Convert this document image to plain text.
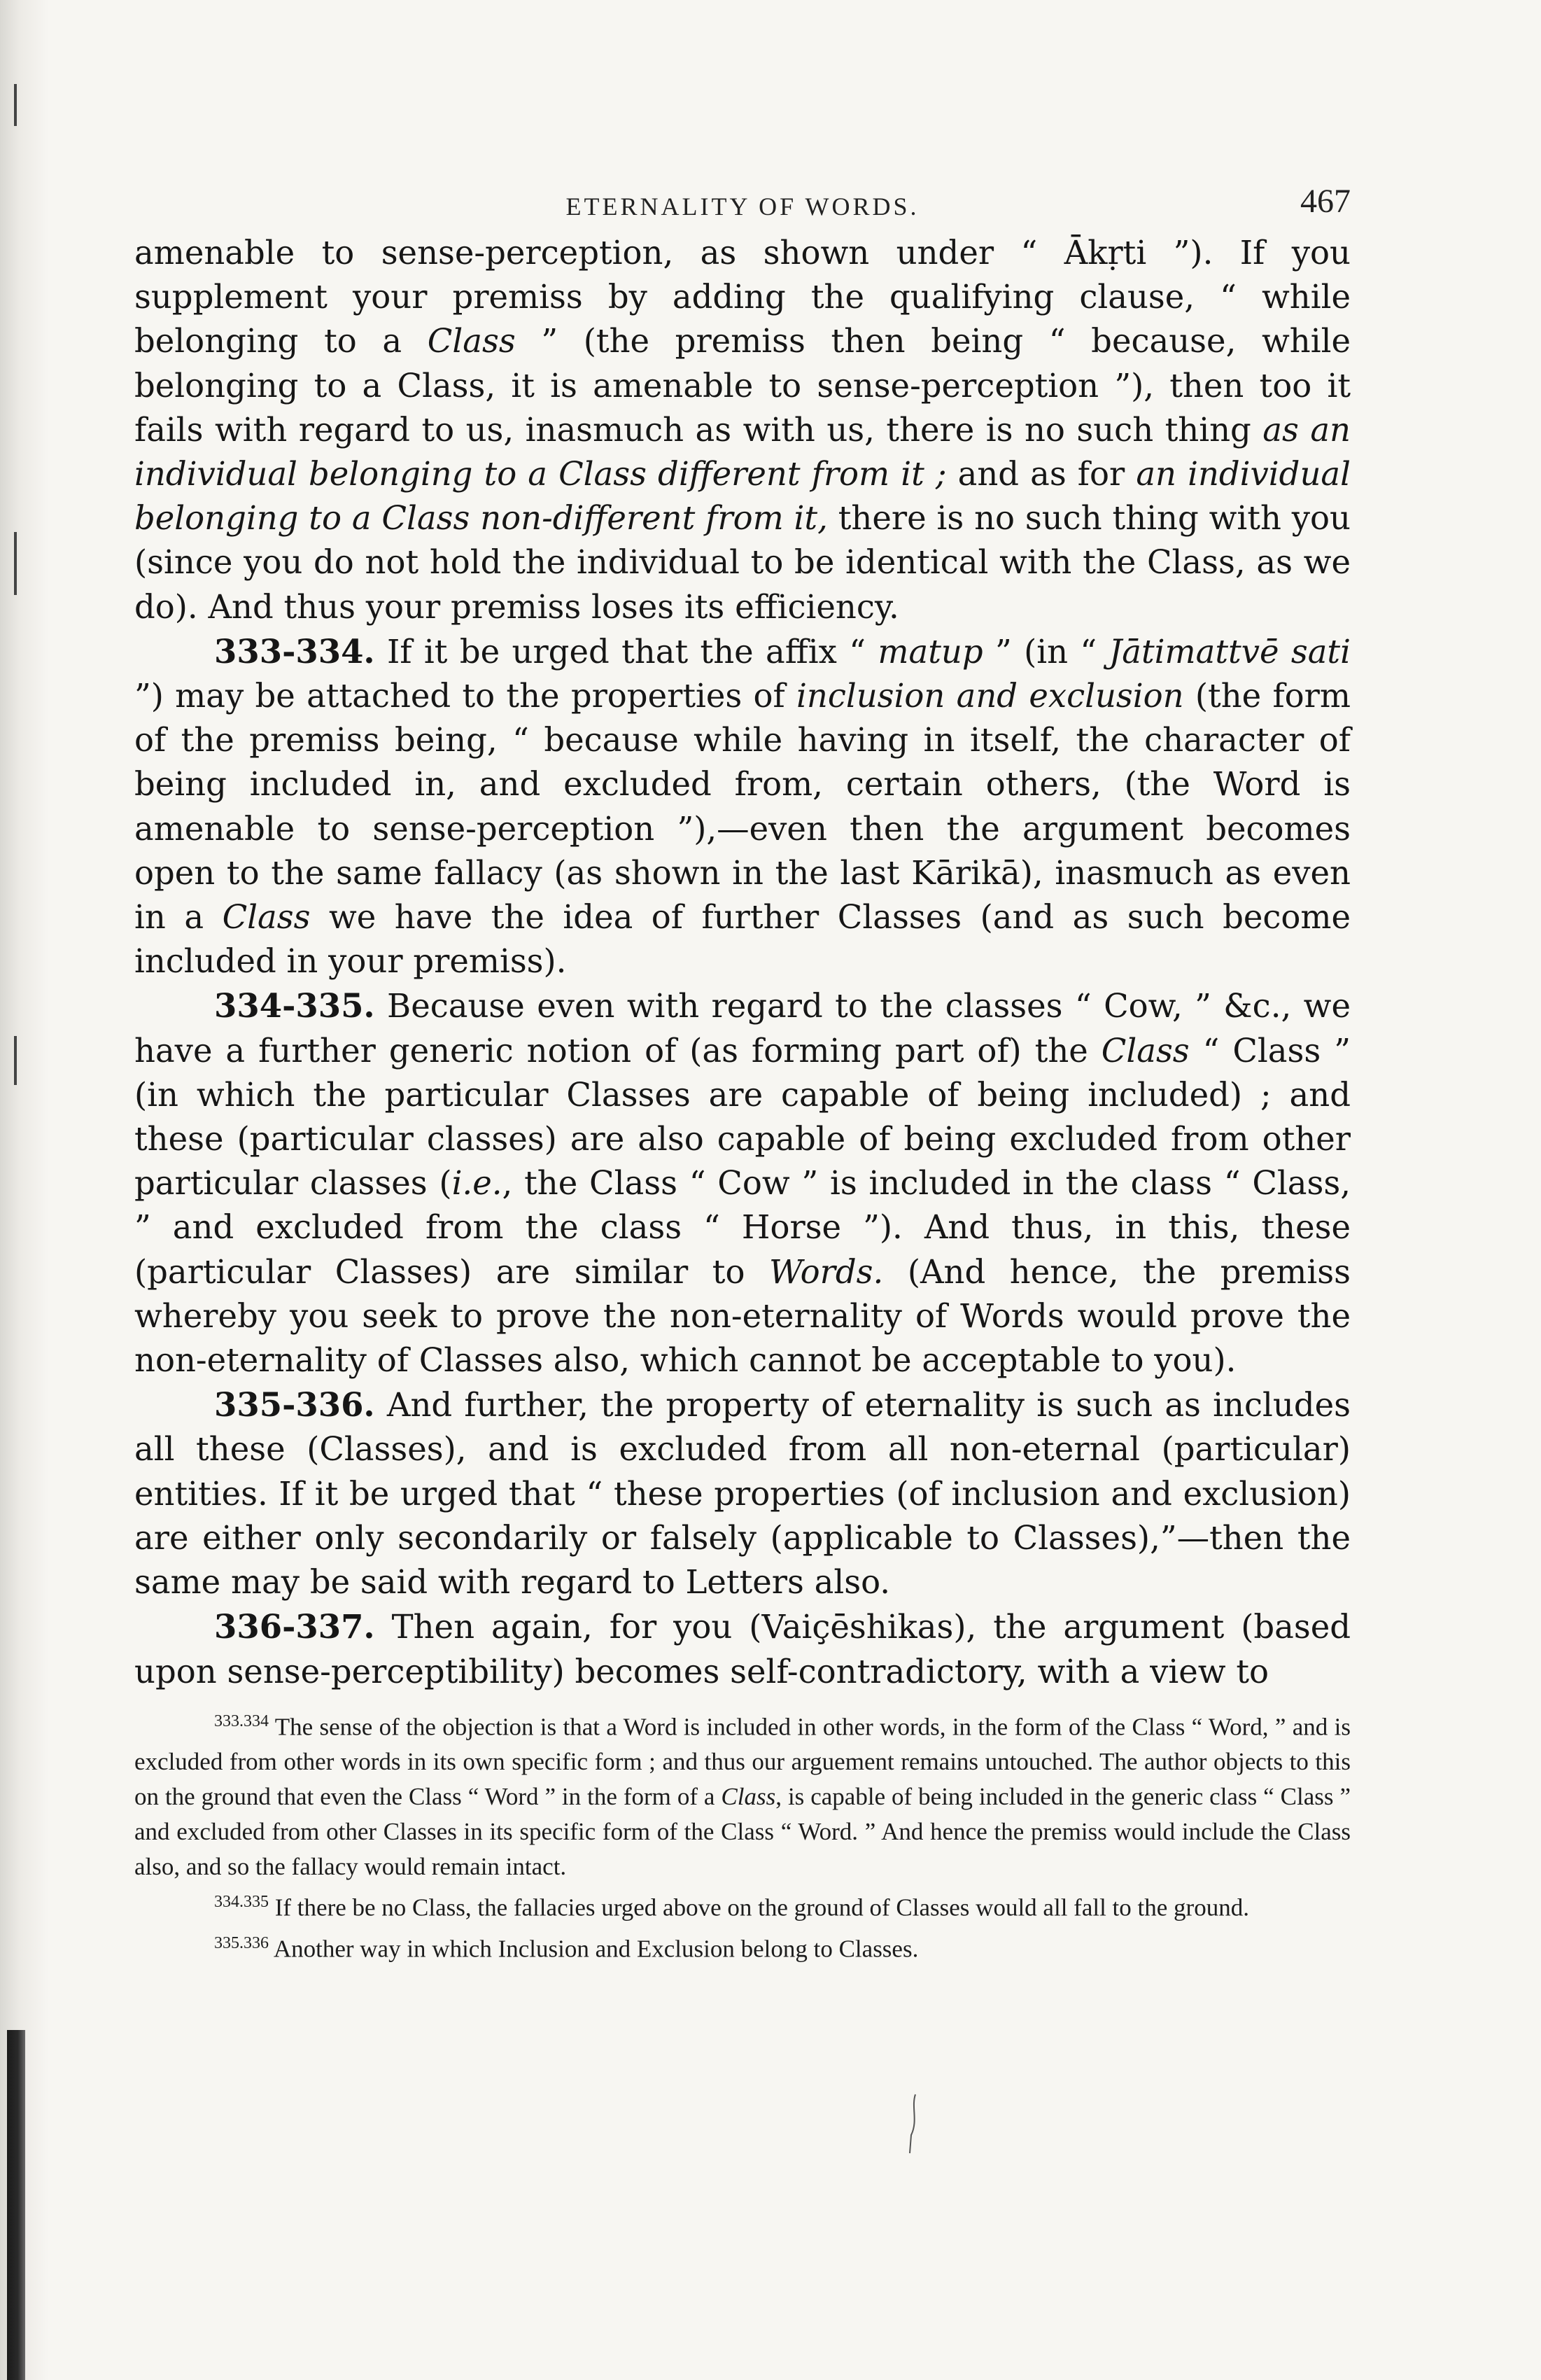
ETERNALITY OF WORDS.	467

amenable to sense-perception, as shown under “ Ākṛti ”). If you supplement your premiss by adding the qualifying clause, “ while belonging to a Class ” (the premiss then being “ because, while belonging to a Class, it is amenable to sense-perception ”), then too it fails with regard to us, inasmuch as with us, there is no such thing as an individual belonging to a Class different from it ; and as for an individual belonging to a Class non-different from it, there is no such thing with you (since you do not hold the individual to be identical with the Class, as we do). And thus your premiss loses its efficiency.

333-334. If it be urged that the affix “ matup ” (in “ Jātimattvē sati ”) may be attached to the properties of inclusion and exclusion (the form of the premiss being, “ because while having in itself, the character of being included in, and excluded from, certain others, (the Word is amenable to sense-perception ”),—even then the argument becomes open to the same fallacy (as shown in the last Kārikā), inasmuch as even in a Class we have the idea of further Classes (and as such become included in your premiss).

334-335. Because even with regard to the classes “ Cow, ” &c., we have a further generic notion of (as forming part of) the Class “ Class ” (in which the particular Classes are capable of being included) ; and these (particular classes) are also capable of being excluded from other particular classes (i.e., the Class “ Cow ” is included in the class “ Class, ” and excluded from the class “ Horse ”). And thus, in this, these (particular Classes) are similar to Words. (And hence, the premiss whereby you seek to prove the non-eternality of Words would prove the non-eternality of Classes also, which cannot be acceptable to you).

335-336. And further, the property of eternality is such as includes all these (Classes), and is excluded from all non-eternal (particular) entities. If it be urged that “ these properties (of inclusion and exclusion) are either only secondarily or falsely (applicable to Classes),”—then the same may be said with regard to Letters also.

336-337. Then again, for you (Vaiçēshikas), the argument (based upon sense-perceptibility) becomes self-contradictory, with a view to

$^{333.334}$ The sense of the objection is that a Word is included in other words, in the form of the Class “ Word, ” and is excluded from other words in its own specific form ; and thus our arguement remains untouched. The author objects to this on the ground that even the Class “ Word ” in the form of a Class, is capable of being included in the generic class “ Class ” and excluded from other Classes in its specific form of the Class “ Word. ” And hence the premiss would include the Class also, and so the fallacy would remain intact.

$^{334.335}$ If there be no Class, the fallacies urged above on the ground of Classes would all fall to the ground.

$^{335.336}$ Another way in which Inclusion and Exclusion belong to Classes.
